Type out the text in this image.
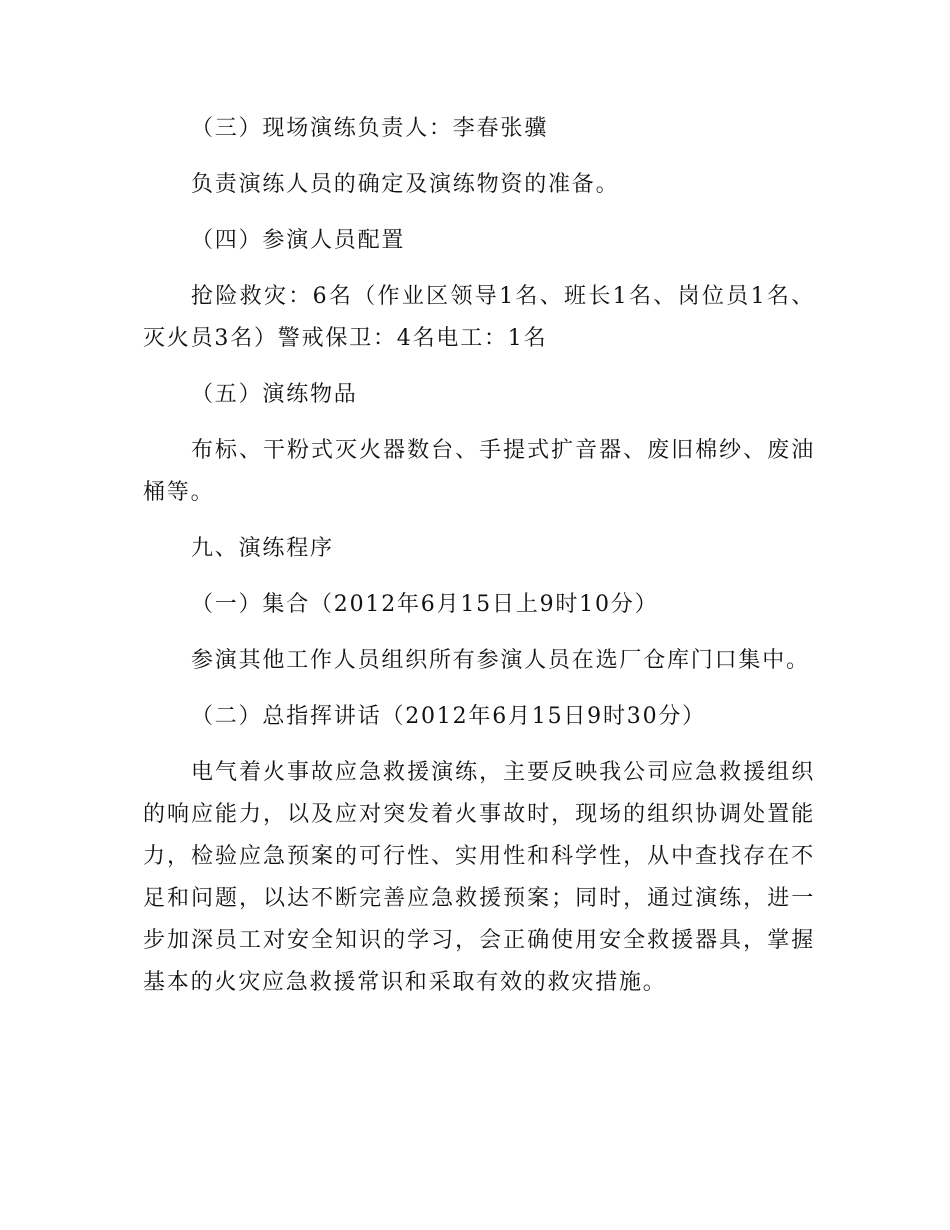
（三）现场演练负责人：李春张骥

负责演练人员的确定及演练物资的准备。

（四）参演人员配置

抢险救灾：6名（作业区领导1名、班长1名、岗位员1名、灭火员3名）警戒保卫：4名电工：1名

（五）演练物品

布标、干粉式灭火器数台、手提式扩音器、废旧棉纱、废油桶等。

九、演练程序

（一）集合（2012年6月15日上9时10分）

参演其他工作人员组织所有参演人员在选厂仓库门口集中。

（二）总指挥讲话（2012年6月15日9时30分）

电气着火事故应急救援演练，主要反映我公司应急救援组织的响应能力，以及应对突发着火事故时，现场的组织协调处置能力，检验应急预案的可行性、实用性和科学性，从中查找存在不足和问题，以达不断完善应急救援预案；同时，通过演练，进一步加深员工对安全知识的学习，会正确使用安全救援器具，掌握基本的火灾应急救援常识和采取有效的救灾措施。
